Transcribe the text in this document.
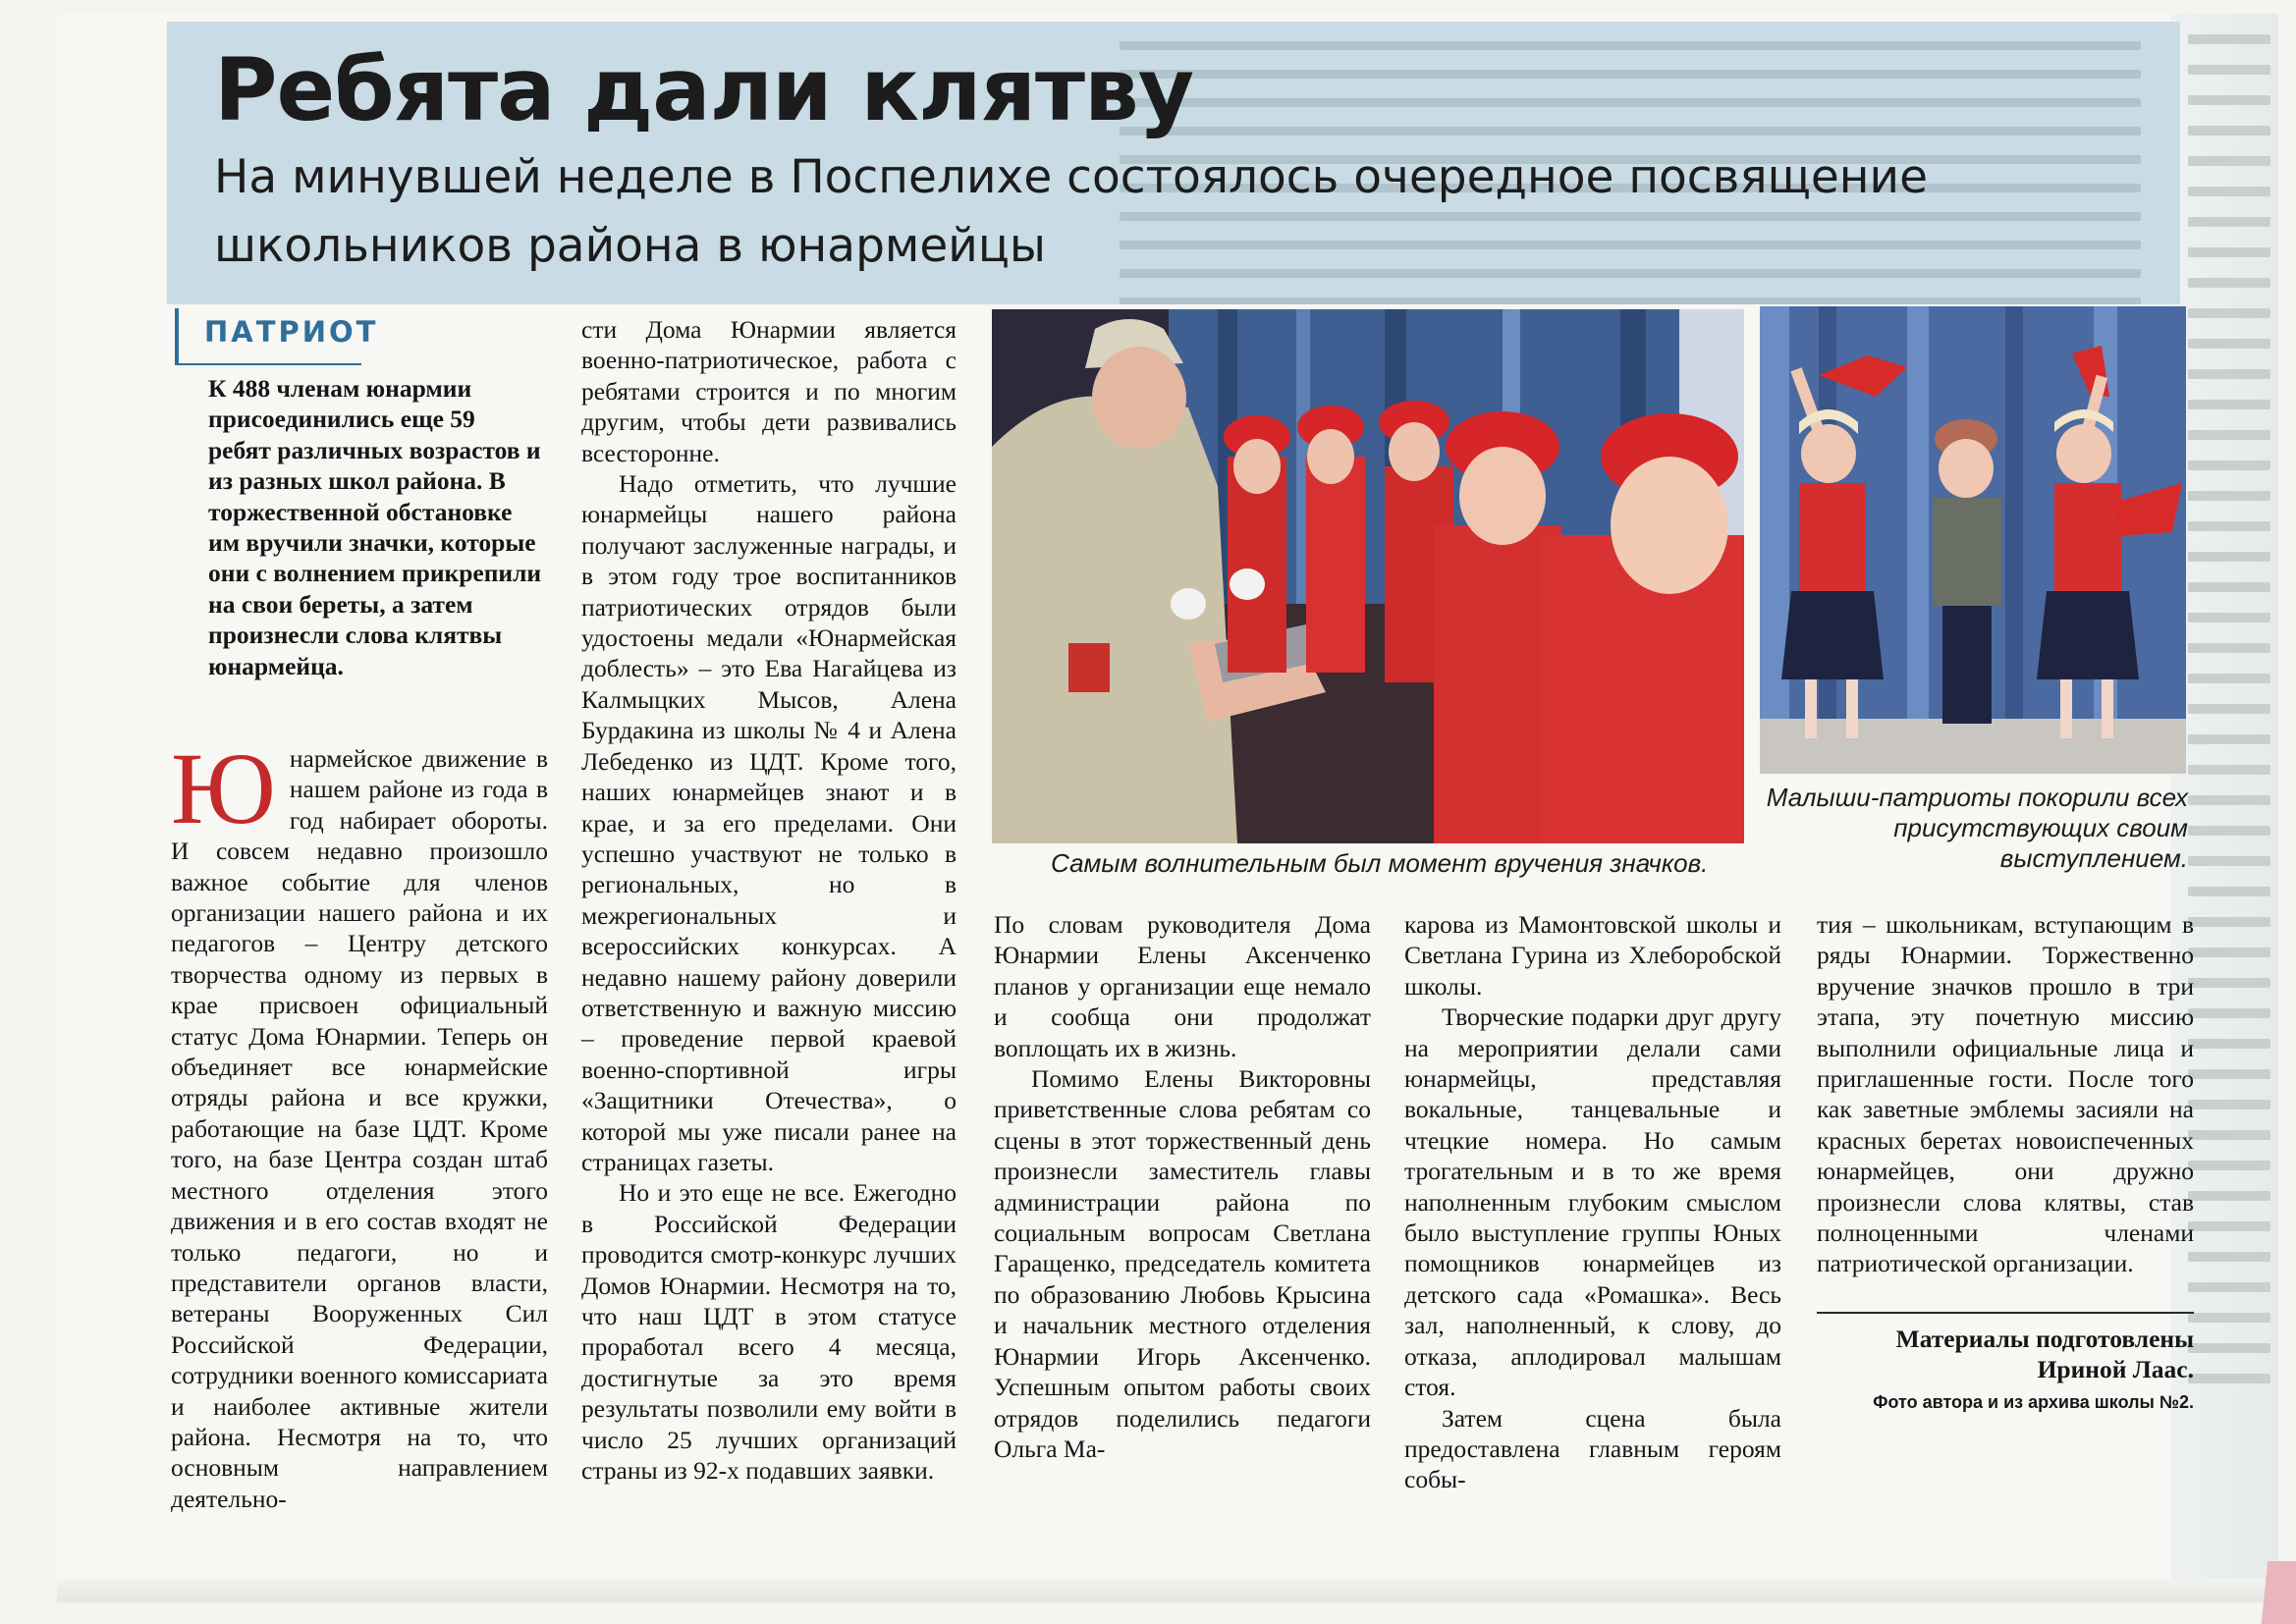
Ребята дали клятву
На минувшей неделе в Поспелихе состоялось очередное посвящение школьников района в юнармейцы
ПАТРИОТ
К 488 членам юнармии присоединились еще 59 ребят различных возрастов и из разных школ района. В торжественной обстановке им вручили значки, которые они с волнением прикрепили на свои береты, а затем произнесли слова клятвы юнармейца.

Юнармейское движение в нашем районе из года в год набирает обороты. И совсем недавно произошло важное событие для членов организации нашего района и их педагогов – Центру детского творчества одному из первых в крае присвоен официальный статус Дома Юнармии. Теперь он объединяет все юнармейские отряды района и все кружки, работающие на базе ЦДТ. Кроме того, на базе Центра создан штаб местного отделения этого движения и в его состав входят не только педагоги, но и представители органов власти, ветераны Вооруженных Сил Российской Федерации, сотрудники военного комиссариата и наиболее активные жители района. Несмотря на то, что основным направлением деятельно-

сти Дома Юнармии является военно-патриотическое, работа с ребятами строится и по многим другим, чтобы дети развивались всесторонне.

Надо отметить, что лучшие юнармейцы нашего района получают заслуженные награды, и в этом году трое воспитанников патриотических отрядов были удостоены медали «Юнармейская доблесть» – это Ева Нагайцева из Калмыцких Мысов, Алена Бурдакина из школы № 4 и Алена Лебеденко из ЦДТ. Кроме того, наших юнармейцев знают и в крае, и за его пределами. Они успешно участвуют не только в региональных, но в межрегиональных и всероссийских конкурсах. А недавно нашему району доверили ответственную и важную миссию – проведение первой краевой военно-спортивной игры «Защитники Отечества», о которой мы уже писали ранее на страницах газеты.

Но и это еще не все. Ежегодно в Российской Федерации проводится смотр-конкурс лучших Домов Юнармии. Несмотря на то, что наш ЦДТ в этом статусе проработал всего 4 месяца, достигнутые за это время результаты позволили ему войти в число 25 лучших организаций страны из 92-х подавших заявки.

Самым волнительным был момент вручения значков.
Малыши-патриоты покорили всех присутствующих своим выступлением.

По словам руководителя Дома Юнармии Елены Аксенченко планов у организации еще немало и сообща они продолжат воплощать их в жизнь.

Помимо Елены Викторовны приветственные слова ребятам со сцены в этот торжественный день произнесли заместитель главы администрации района по социальным вопросам Светлана Гаращенко, председатель комитета по образованию Любовь Крысина и начальник местного отделения Юнармии Игорь Аксенченко. Успешным опытом работы своих отрядов поделились педагоги Ольга Ма-

карова из Мамонтовской школы и Светлана Гурина из Хлеборобской школы.

Творческие подарки друг другу на мероприятии делали сами юнармейцы, представляя вокальные, танцевальные и чтецкие номера. Но самым трогательным и в то же время наполненным глубоким смыслом было выступление группы Юных помощников юнармейцев из детского сада «Ромашка». Весь зал, наполненный, к слову, до отказа, аплодировал малышам стоя.

Затем сцена была предоставлена главным героям собы-

тия – школьникам, вступающим в ряды Юнармии. Торжественно вручение значков прошло в три этапа, эту почетную миссию выполнили официальные лица и приглашенные гости. После того как заветные эмблемы засияли на красных беретах новоиспеченных юнармейцев, они дружно произнесли слова клятвы, став полноценными членами патриотической организации.

Материалы подготовлены Ириной Лаас.
Фото автора и из архива школы №2.
